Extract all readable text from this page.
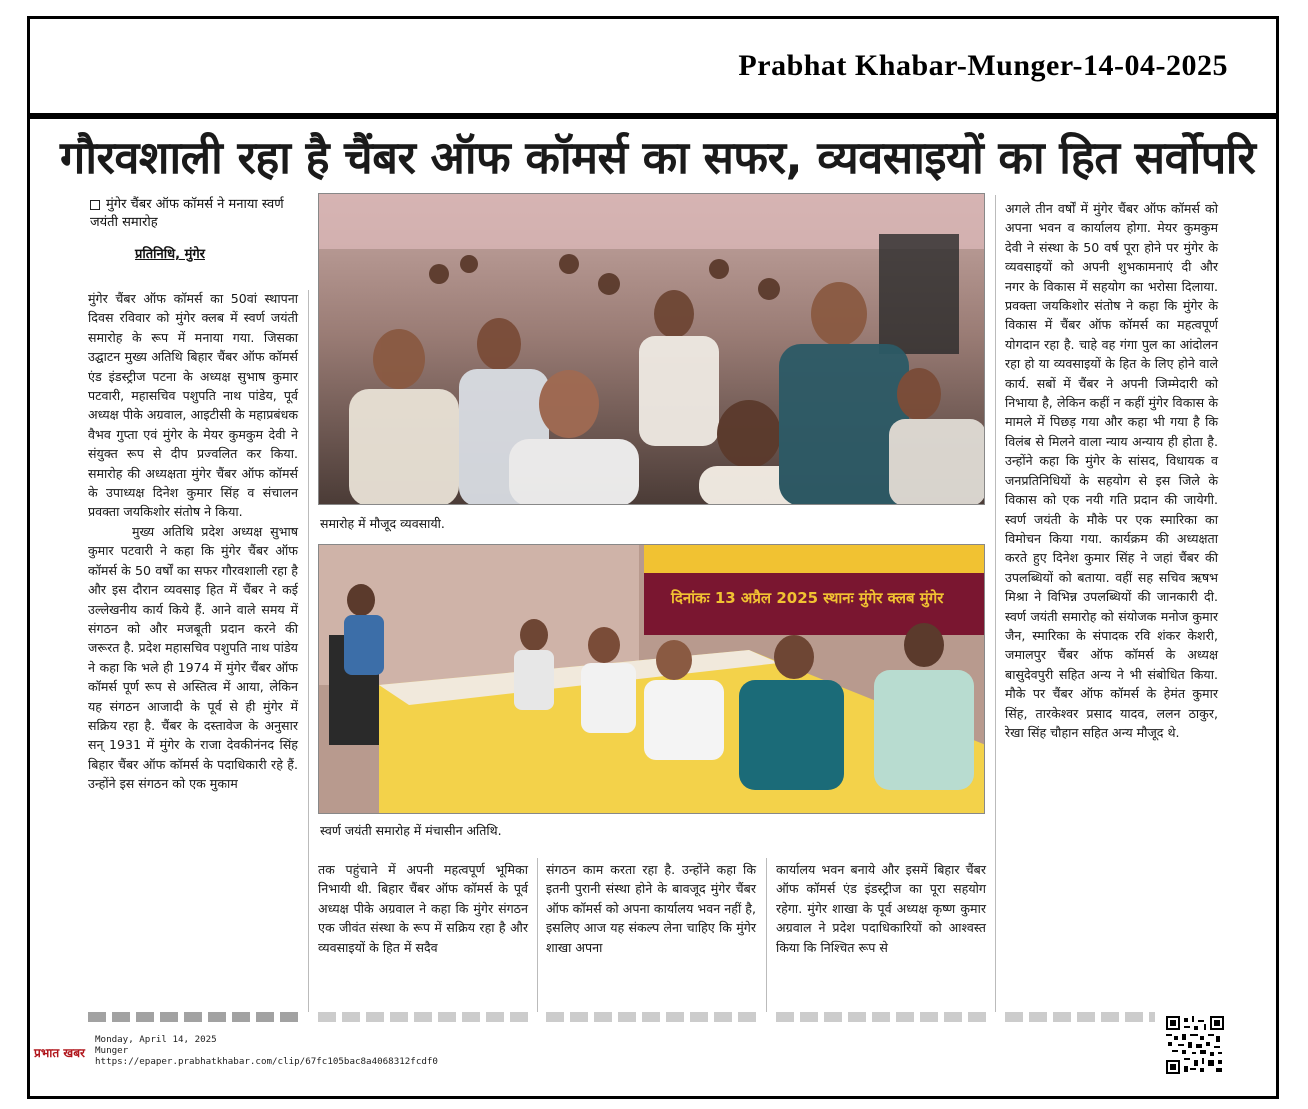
Prabhat Khabar-Munger-14-04-2025
गौरवशाली रहा है चैंबर ऑफ कॉमर्स का सफर, व्यवसाइयों का हित सर्वोपरि
मुंगेर चैंबर ऑफ कॉमर्स ने मनाया स्वर्ण जयंती समारोह
प्रतिनिधि, मुंगेर

मुंगेर चैंबर ऑफ कॉमर्स का 50वां स्थापना दिवस रविवार को मुंगेर क्लब में स्वर्ण जयंती समारोह के रूप में मनाया गया. जिसका उद्घाटन मुख्य अतिथि बिहार चैंबर ऑफ कॉमर्स एंड इंडस्ट्रीज पटना के अध्यक्ष सुभाष कुमार पटवारी, महासचिव पशुपति नाथ पांडेय, पूर्व अध्यक्ष पीके अग्रवाल, आइटीसी के महाप्रबंधक वैभव गुप्ता एवं मुंगेर के मेयर कुमकुम देवी ने संयुक्त रूप से दीप प्रज्वलित कर किया. समारोह की अध्यक्षता मुंगेर चैंबर ऑफ कॉमर्स के उपाध्यक्ष दिनेश कुमार सिंह व संचालन प्रवक्ता जयकिशोर संतोष ने किया.

मुख्य अतिथि प्रदेश अध्यक्ष सुभाष कुमार पटवारी ने कहा कि मुंगेर चैंबर ऑफ कॉमर्स के 50 वर्षों का सफर गौरवशाली रहा है और इस दौरान व्यवसाइ हित में चैंबर ने कई उल्लेखनीय कार्य किये हैं. आने वाले समय में संगठन को और मजबूती प्रदान करने की जरूरत है. प्रदेश महासचिव पशुपति नाथ पांडेय ने कहा कि भले ही 1974 में मुंगेर चैंबर ऑफ कॉमर्स पूर्ण रूप से अस्तित्व में आया, लेकिन यह संगठन आजादी के पूर्व से ही मुंगेर में सक्रिय रहा है. चैंबर के दस्तावेज के अनुसार सन् 1931 में मुंगेर के राजा देवकीनंनद सिंह बिहार चैंबर ऑफ कॉमर्स के पदाधिकारी रहे हैं. उन्होंने इस संगठन को एक मुकाम

समारोह में मौजूद व्यवसायी.
दिनांकः 13 अप्रैल 2025 स्थानः मुंगेर क्लब मुंगेर
स्वर्ण जयंती समारोह में मंचासीन अतिथि.

अगले तीन वर्षों में मुंगेर चैंबर ऑफ कॉमर्स को अपना भवन व कार्यालय होगा. मेयर कुमकुम देवी ने संस्था के 50 वर्ष पूरा होने पर मुंगेर के व्यवसाइयों को अपनी शुभकामनाएं दी और नगर के विकास में सहयोग का भरोसा दिलाया. प्रवक्ता जयकिशोर संतोष ने कहा कि मुंगेर के विकास में चैंबर ऑफ कॉमर्स का महत्वपूर्ण योगदान रहा है. चाहे वह गंगा पुल का आंदोलन रहा हो या व्यवसाइयों के हित के लिए होने वाले कार्य. सबों में चैंबर ने अपनी जिम्मेदारी को निभाया है, लेकिन कहीं न कहीं मुंगेर विकास के मामले में पिछड़ गया और कहा भी गया है कि विलंब से मिलने वाला न्याय अन्याय ही होता है. उन्होंने कहा कि मुंगेर के सांसद, विधायक व जनप्रतिनिधियों के सहयोग से इस जिले के विकास को एक नयी गति प्रदान की जायेगी. स्वर्ण जयंती के मौके पर एक स्मारिका का विमोचन किया गया. कार्यक्रम की अध्यक्षता करते हुए दिनेश कुमार सिंह ने जहां चैंबर की उपलब्धियों को बताया. वहीं सह सचिव ऋषभ मिश्रा ने विभिन्न उपलब्धियों की जानकारी दी. स्वर्ण जयंती समारोह को संयोजक मनोज कुमार जैन, स्मारिका के संपादक रवि शंकर केशरी, जमालपुर चैंबर ऑफ कॉमर्स के अध्यक्ष बासुदेवपुरी सहित अन्य ने भी संबोधित किया. मौके पर चैंबर ऑफ कॉमर्स के हेमंत कुमार सिंह, तारकेश्वर प्रसाद यादव, ललन ठाकुर, रेखा सिंह चौहान सहित अन्य मौजूद थे.

तक पहुंचाने में अपनी महत्वपूर्ण भूमिका निभायी थी. बिहार चैंबर ऑफ कॉमर्स के पूर्व अध्यक्ष पीके अग्रवाल ने कहा कि मुंगेर संगठन एक जीवंत संस्था के रूप में सक्रिय रहा है और व्यवसाइयों के हित में सदैव

संगठन काम करता रहा है. उन्होंने कहा कि इतनी पुरानी संस्था होने के बावजूद मुंगेर चैंबर ऑफ कॉमर्स को अपना कार्यालय भवन नहीं है, इसलिए आज यह संकल्प लेना चाहिए कि मुंगेर शाखा अपना

कार्यालय भवन बनाये और इसमें बिहार चैंबर ऑफ कॉमर्स एंड इंडस्ट्रीज का पूरा सहयोग रहेगा. मुंगेर शाखा के पूर्व अध्यक्ष कृष्ण कुमार अग्रवाल ने प्रदेश पदाधिकारियों को आश्वस्त किया कि निश्चित रूप से

प्रभात खबर
Monday, April 14, 2025
Munger
https://epaper.prabhatkhabar.com/clip/67fc105bac8a4068312fcdf0
